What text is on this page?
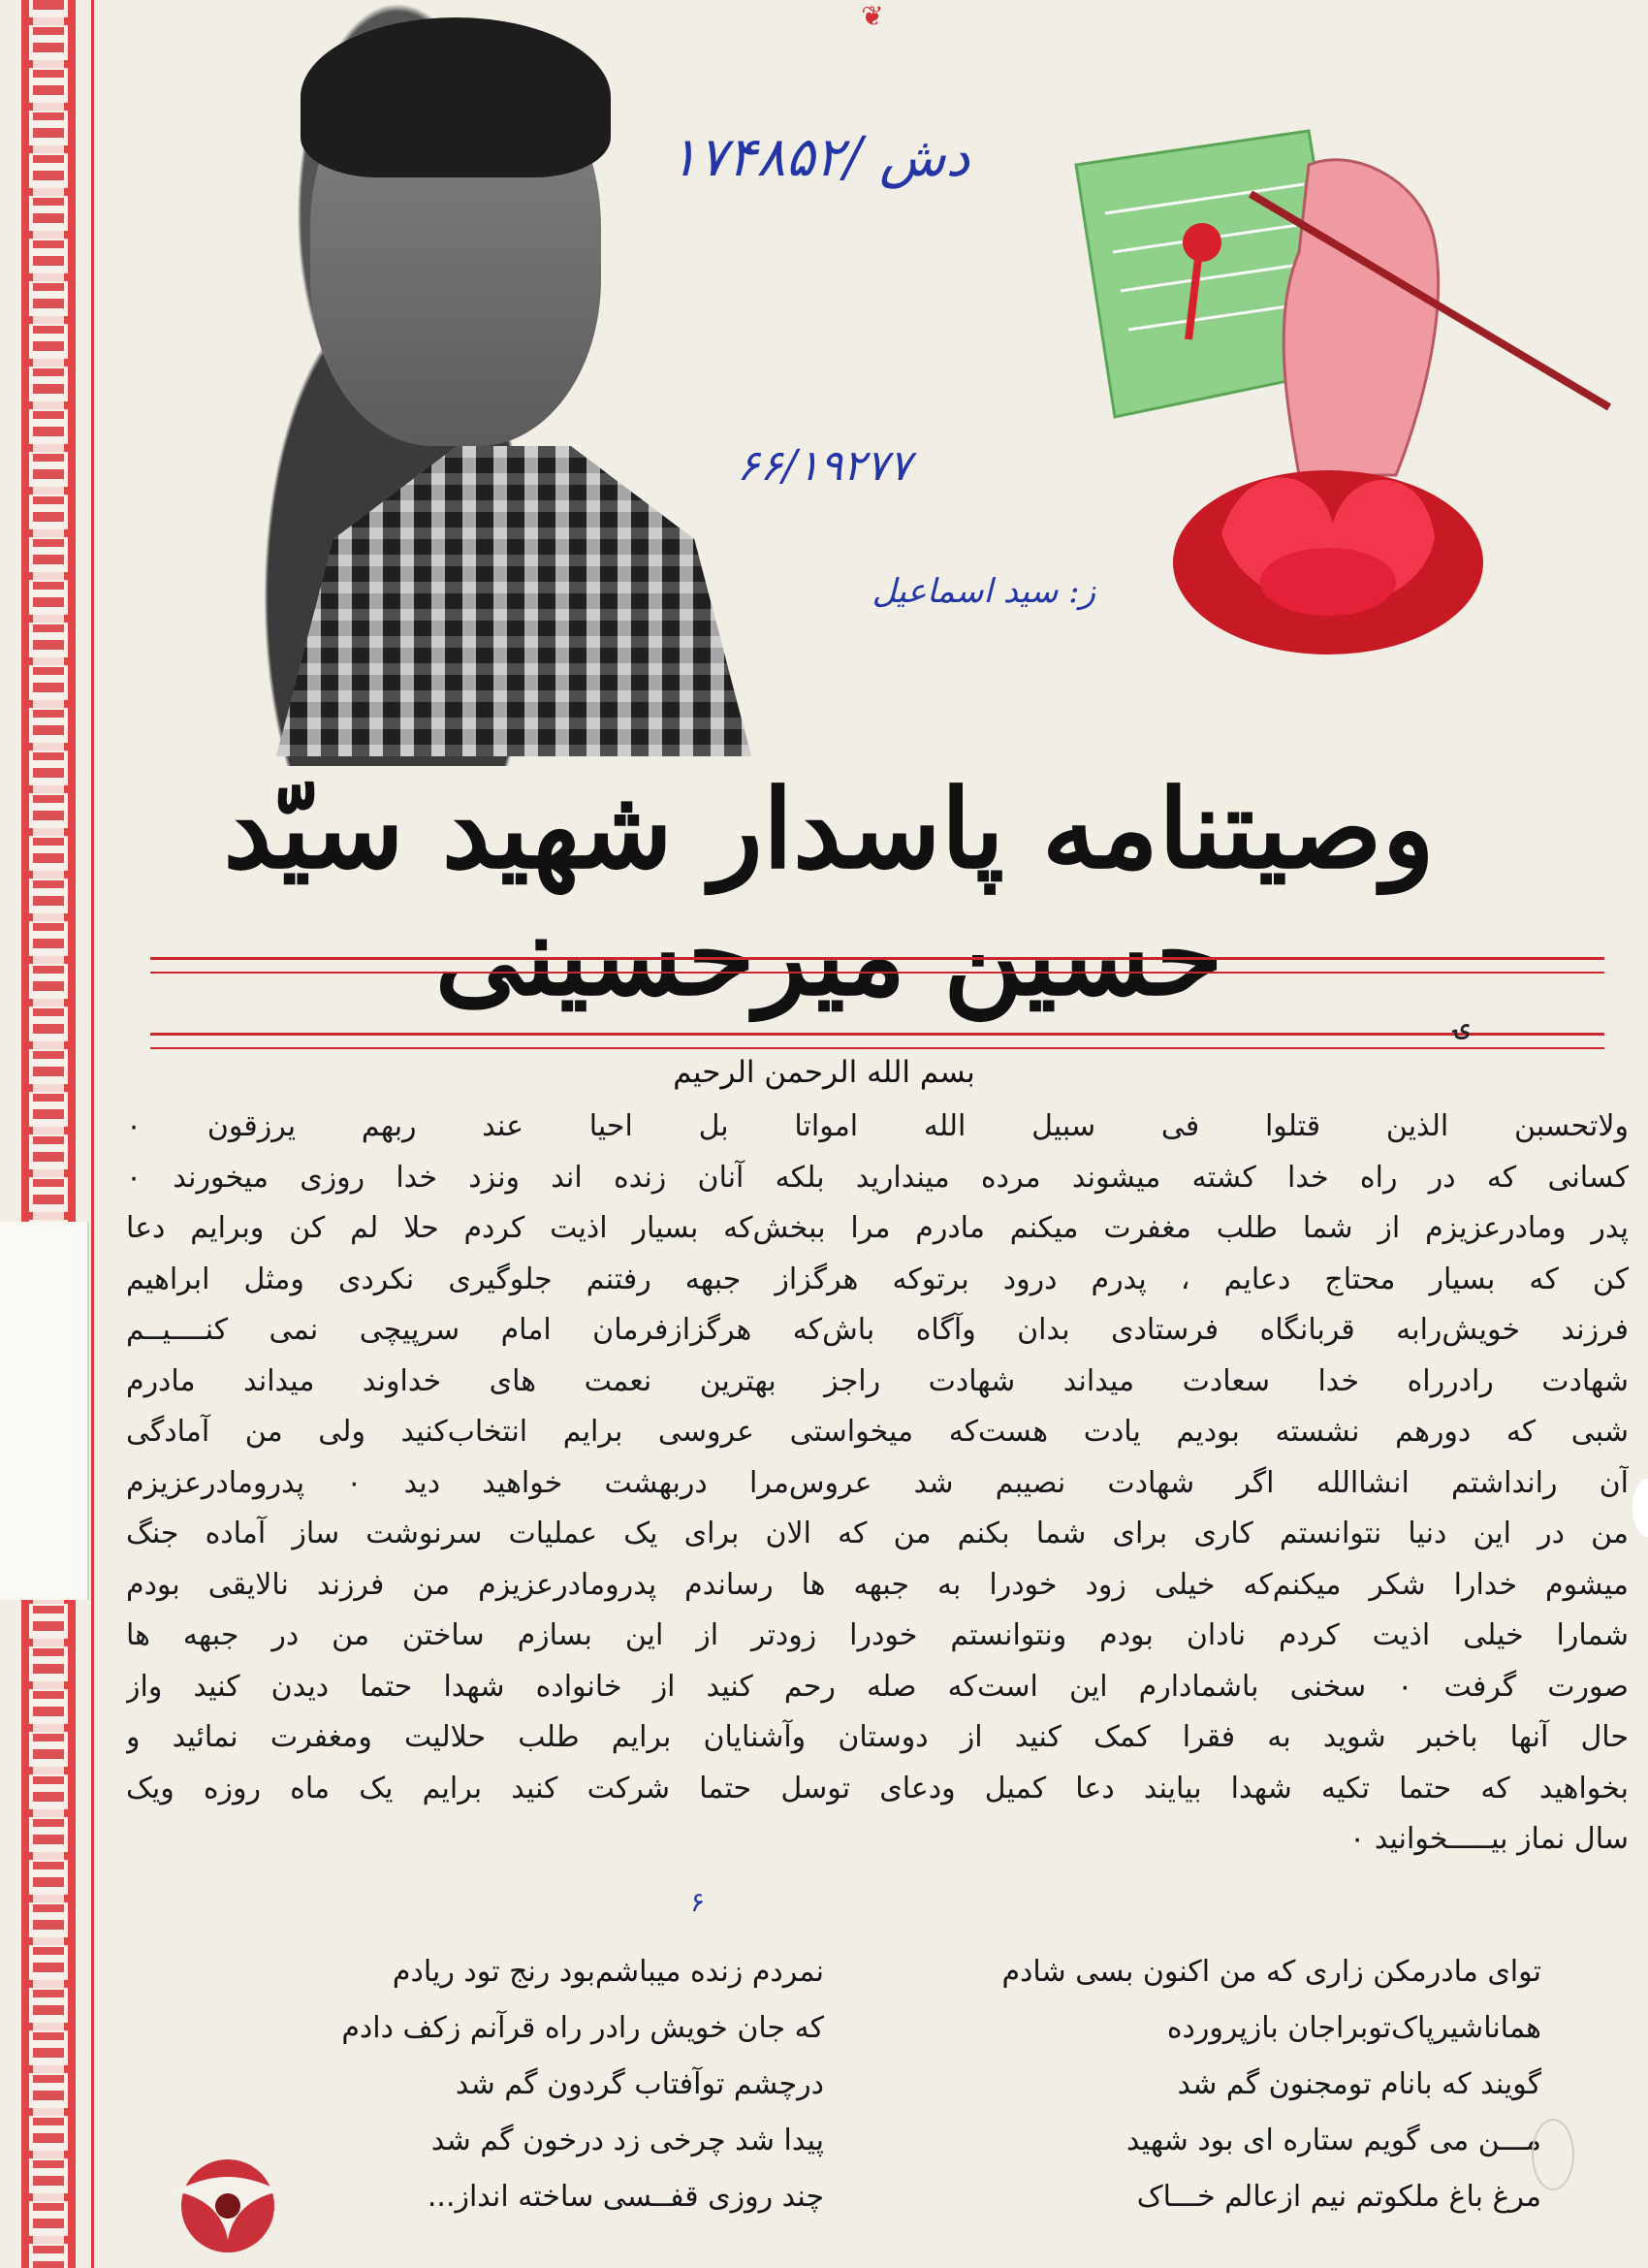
❦
۱۷۴۸۵۲/ دش
۶۶/۱۹۲۷۷
ز: سید اسماعیل
وصیتنامه پاسدار شهید سیّد حسین میرحسینی
ۍ
بسم الله الرحمن الرحیم
ولاتحسبن الذین قتلوا فی سبیل الله امواتا بل احیا عند ربهم یرزقون ۰
کسانی که در راه خدا کشته میشوند مرده میندارید بلکه آنان زنده اند ونزد خدا روزی میخورند ۰
پدر ومادرعزیزم از شما طلب مغفرت میکنم مادرم مرا ببخش‌که بسیار اذیت کردم حلا لم کن وبرایم دعا
کن که بسیار محتاج دعایم ، پدرم درود برتوکه هرگزاز جبهه رفتنم جلوگیری نکردی ومثل ابراهیم
فرزند خویش‌رابه قربانگاه فرستادی بدان وآگاه باش‌که هرگزازفرمان امام سرپیچی نمی کنــــیــم
شهادت رادرراه خدا سعادت میداند شهادت راجز بهترین نعمت های خداوند میداند مادرم
شبی که دورهم نشسته بودیم یادت هست‌که میخواستی عروسی برایم انتخاب‌کنید ولی من آمادگی
آن رانداشتم انشاالله اگر شهادت نصیبم شد عروس‌مرا دربهشت خواهید دید ۰ پدرومادرعزیزم
من در این دنیا نتوانستم کاری برای شما بکنم من که الان برای یک عملیات سرنوشت ساز آماده جنگ
میشوم خدارا شکر میکنم‌که خیلی زود خودرا به جبهه ها رساندم پدرومادرعزیزم من فرزند نالایقی بودم
شمارا خیلی اذیت کردم نادان بودم ونتوانستم خودرا زودتر از این بسازم ساختن من در جبهه ها
صورت گرفت ۰ سخنی باشمادارم این است‌که صله رحم کنید از خانواده شهدا حتما دیدن کنید واز
حال آنها باخبر شوید به فقرا کمک کنید از دوستان وآشنایان برایم طلب حلالیت ومغفرت نمائید و
بخواهید که حتما تکیه شهدا بیایند دعا کمیل ودعای توسل حتما شرکت کنید برایم یک ماه روزه ویک
سال نماز بیـــــخوانید ۰
۶
توای مادرمکن زاری که من اکنون بسی شادم
هماناشیرپاک‌توبراجان بازپرورده
گویند که بانام تومجنون گم شد
مـــن می گویم ستاره ای بود شهید
مرغ باغ ملکوتم نیم ازعالم خـــاک
نمردم زنده میباشم‌بود رنج تود ریادم
که جان خویش رادر راه قرآنم زکف دادم
درچشم توآفتاب گردون گم شد
پیدا شد چرخی زد درخون گم شد
چند روزی قفــسی ساخته انداز...
